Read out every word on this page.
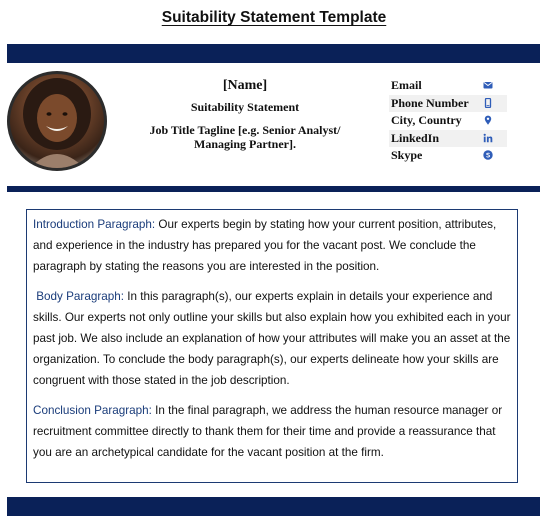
Suitability Statement Template
[Name]
Suitability Statement
Job Title Tagline [e.g. Senior Analyst/ Managing Partner].
Email
Phone Number
City, Country
LinkedIn
Skype

Introduction Paragraph: Our experts begin by stating how your current position, attributes, and experience in the industry has prepared you for the vacant post. We conclude the paragraph by stating the reasons you are interested in the position.

Body Paragraph: In this paragraph(s), our experts explain in details your experience and skills. Our experts not only outline your skills but also explain how you exhibited each in your past job. We also include an explanation of how your attributes will make you an asset at the organization. To conclude the body paragraph(s), our experts delineate how your skills are congruent with those stated in the job description.

Conclusion Paragraph: In the final paragraph, we address the human resource manager or recruitment committee directly to thank them for their time and provide a reassurance that you are an archetypical candidate for the vacant position at the firm.
